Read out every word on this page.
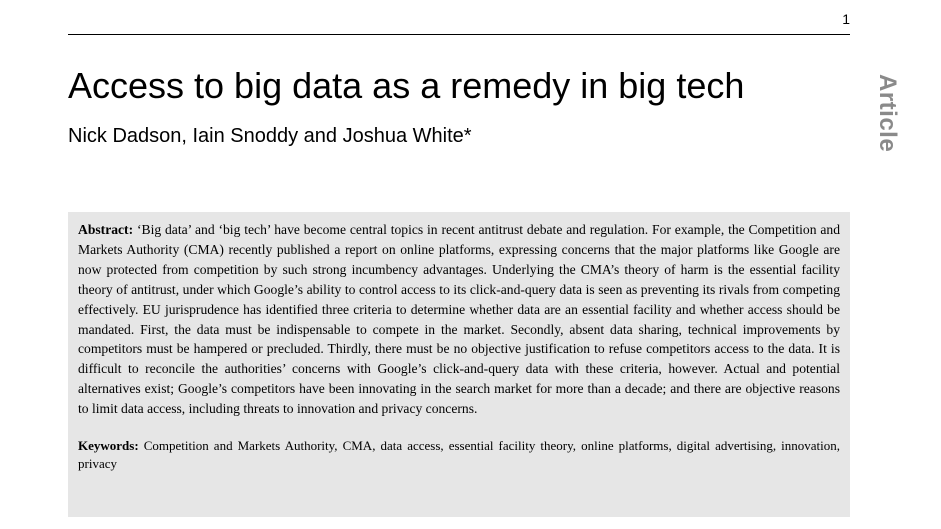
1
Article
Access to big data as a remedy in big tech

Nick Dadson, Iain Snoddy and Joshua White*

Abstract: ‘Big data’ and ‘big tech’ have become central topics in recent antitrust debate and regulation. For example, the Competition and Markets Authority (CMA) recently published a report on online platforms, expressing concerns that the major platforms like Google are now protected from competition by such strong incumbency advantages. Underlying the CMA’s theory of harm is the essential facility theory of antitrust, under which Google’s ability to control access to its click-and-query data is seen as preventing its rivals from competing effectively. EU jurisprudence has identified three criteria to determine whether data are an essential facility and whether access should be mandated. First, the data must be indispensable to compete in the market. Secondly, absent data sharing, technical improvements by competitors must be hampered or precluded. Thirdly, there must be no objective justification to refuse competitors access to the data. It is difficult to reconcile the authorities’ concerns with Google’s click-and-query data with these criteria, however. Actual and potential alternatives exist; Google’s competitors have been innovating in the search market for more than a decade; and there are objective reasons to limit data access, including threats to innovation and privacy concerns.

Keywords: Competition and Markets Authority, CMA, data access, essential facility theory, online platforms, digital advertising, innovation, privacy
